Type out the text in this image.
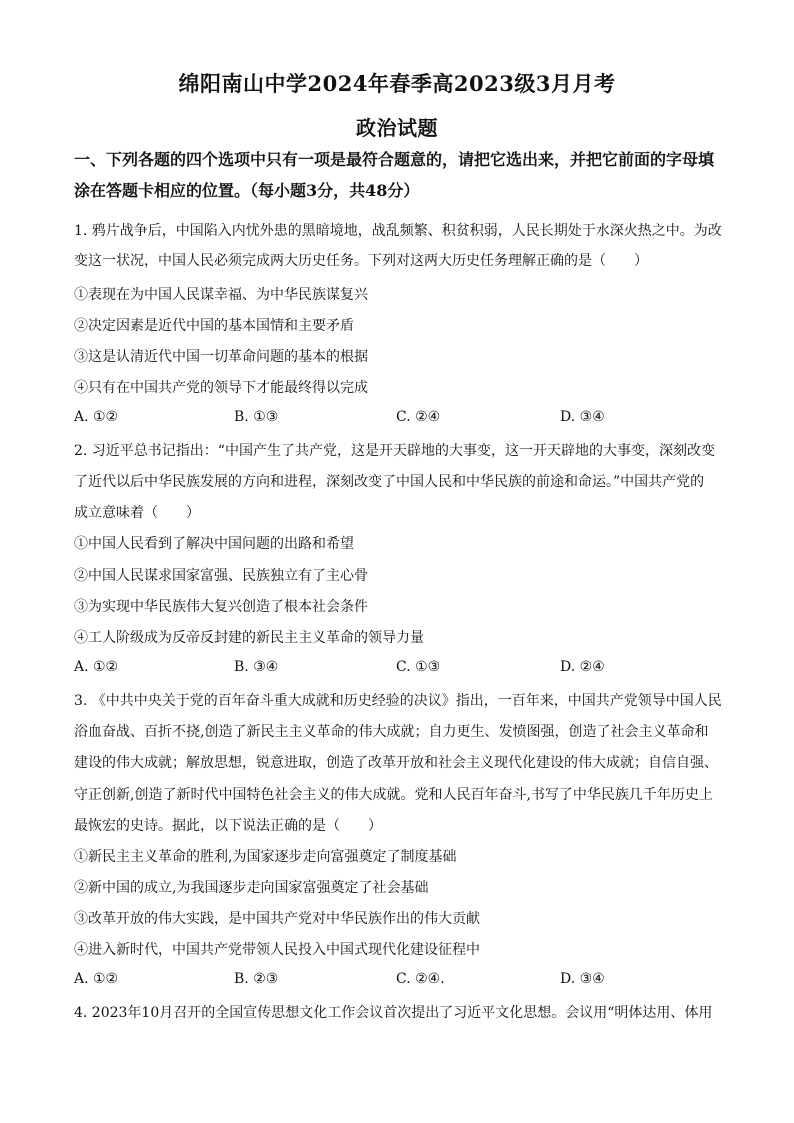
绵阳南山中学2024年春季高2023级3月月考
政治试题
一、下列各题的四个选项中只有一项是最符合题意的，请把它选出来，并把它前面的字母填
涂在答题卡相应的位置。（每小题3分，共48分）
1. 鸦片战争后，中国陷入内忧外患的黑暗境地，战乱频繁、积贫积弱，人民长期处于水深火热之中。为改
变这一状况，中国人民必须完成两大历史任务。下列对这两大历史任务理解正确的是（　　）
①表现在为中国人民谋幸福、为中华民族谋复兴
②决定因素是近代中国的基本国情和主要矛盾
③这是认清近代中国一切革命问题的基本的根据
④只有在中国共产党的领导下才能最终得以完成
A. ①②	B. ①③	C. ②④	D. ③④
2. 习近平总书记指出：“中国产生了共产党，这是开天辟地的大事变，这一开天辟地的大事变，深刻改变
了近代以后中华民族发展的方向和进程，深刻改变了中国人民和中华民族的前途和命运。”中国共产党的
成立意味着（　　）
①中国人民看到了解决中国问题的出路和希望
②中国人民谋求国家富强、民族独立有了主心骨
③为实现中华民族伟大复兴创造了根本社会条件
④工人阶级成为反帝反封建的新民主主义革命的领导力量
A. ①②	B. ③④	C. ①③	D. ②④
3. 《中共中央关于党的百年奋斗重大成就和历史经验的决议》指出，一百年来，中国共产党领导中国人民
浴血奋战、百折不挠,创造了新民主主义革命的伟大成就；自力更生、发愤图强，创造了社会主义革命和
建设的伟大成就；解放思想，锐意进取，创造了改革开放和社会主义现代化建设的伟大成就；自信自强、
守正创新,创造了新时代中国特色社会主义的伟大成就。党和人民百年奋斗,书写了中华民族几千年历史上
最恢宏的史诗。据此，以下说法正确的是（　　）
①新民主主义革命的胜利,为国家逐步走向富强奠定了制度基础
②新中国的成立,为我国逐步走向国家富强奠定了社会基础
③改革开放的伟大实践，是中国共产党对中华民族作出的伟大贡献
④进入新时代，中国共产党带领人民投入中国式现代化建设征程中
A. ①②	B. ②③	C. ②④.	D. ③④
4. 2023年10月召开的全国宣传思想文化工作会议首次提出了习近平文化思想。会议用“明体达用、体用
